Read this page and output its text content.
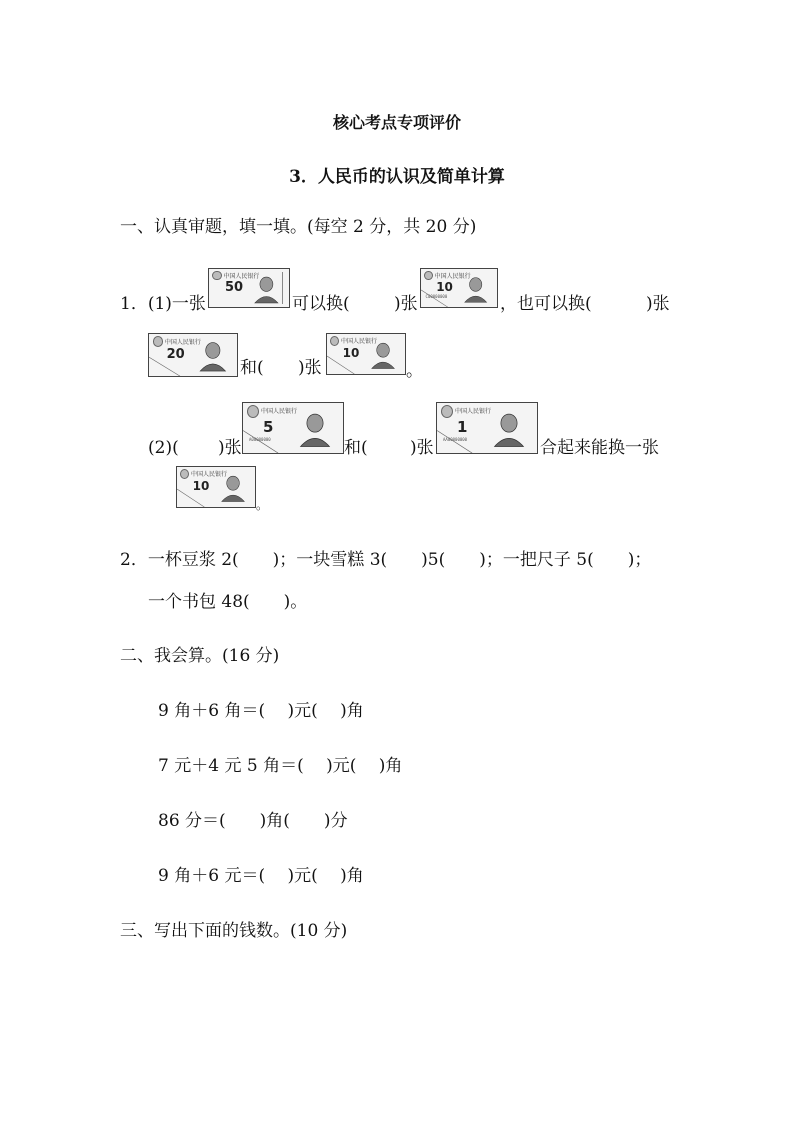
核心考点专项评价
3．人民币的认识及简单计算
一、认真审题，填一填。(每空 2 分，共 20 分)
1．(1)一张
中国人民银行
50
可以换(	)张
中国人民银行
10
C00000000	，也可以换(	)张
中国人民银行
20
和( )张
中国人民银行
10
。
(2)( )张
中国人民银行
5
A00000000	和( )张
中国人民银行
1
AA00000000	合起来能换一张
中国人民银行
10
。
2．一杯豆浆 2(　　)；一块雪糕 3(　　)5(　　)；一把尺子 5(　　)；
一个书包 48(　　)。
二、我会算。(16 分)
9 角＋6 角＝(　 )元(　 )角
7 元＋4 元 5 角＝(　 )元(　 )角
86 分＝(　　)角(　　)分
9 角＋6 元＝(　 )元(　 )角
三、写出下面的钱数。(10 分)
